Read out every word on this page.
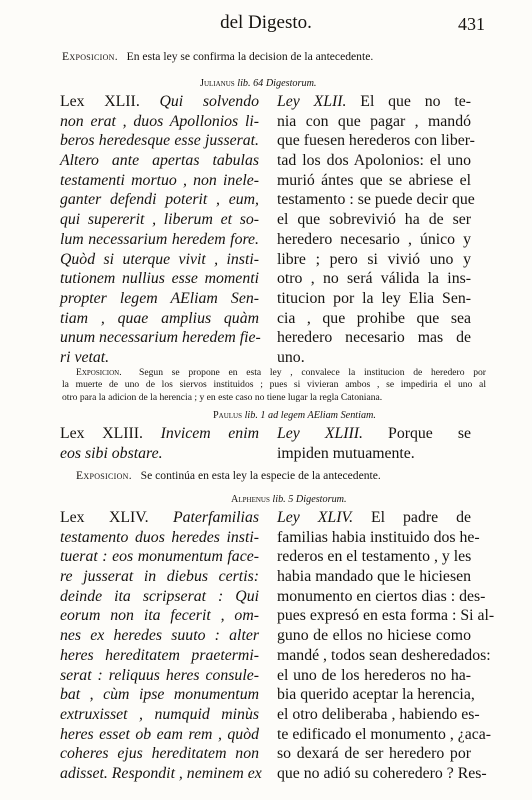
del Digesto.	431
Exposicion. En esta ley se confirma la decision de la antecedente.
Julianus lib. 64 Digestorum.
Lex XLII. Qui solvendo
non erat , duos Apollonios li-
beros heredesque esse jusserat.
Altero ante apertas tabulas
testamenti mortuo , non inele-
ganter defendi poterit , eum,
qui supererit , liberum et so-
lum necessarium heredem fore.
Quòd si uterque vivit , insti-
tutionem nullius esse momenti
propter legem AEliam Sen-
tiam , quae amplius quàm
unum necessarium heredem fie-
ri vetat.
Ley XLII. El que no te-
nia con que pagar , mandó
que fuesen herederos con liber-
tad los dos Apolonios: el uno
murió ántes que se abriese el
testamento : se puede decir que
el que sobrevivió ha de ser
heredero necesario , único y
libre ; pero si vivió uno y
otro , no será válida la ins-
titucion por la ley Elia Sen-
cia , que prohibe que sea
heredero necesario mas de
uno.

Exposicion. Segun se propone en esta ley , convalece la institucion de heredero por

la muerte de uno de los siervos instituidos ; pues si vivieran ambos , se impediria el uno al

otro para la adicion de la herencia ; y en este caso no tiene lugar la regla Catoniana.

Paulus lib. 1 ad legem AEliam Sentiam.
Lex XLIII. Invicem enim
eos sibi obstare.
Ley XLIII. Porque se
impiden mutuamente.
Exposicion. Se continúa en esta ley la especie de la antecedente.
Alphenus lib. 5 Digestorum.
Lex XLIV. Paterfamilias
testamento duos heredes insti-
tuerat : eos monumentum face-
re jusserat in diebus certis:
deinde ita scripserat : Qui
eorum non ita fecerit , om-
nes ex heredes suuto : alter
heres hereditatem praetermi-
serat : reliquus heres consule-
bat , cùm ipse monumentum
extruxisset , numquid minùs
heres esset ob eam rem , quòd
coheres ejus hereditatem non
adisset. Respondit , neminem ex
Ley XLIV. El padre de
familias habia instituido dos he-
rederos en el testamento , y les
habia mandado que le hiciesen
monumento en ciertos dias : des-
pues expresó en esta forma : Si al-
guno de ellos no hiciese como
mandé , todos sean desheredados:
el uno de los herederos no ha-
bia querido aceptar la herencia,
el otro deliberaba , habiendo es-
te edificado el monumento , ¿aca-
so dexará de ser heredero por
que no adió su coheredero ? Res-
